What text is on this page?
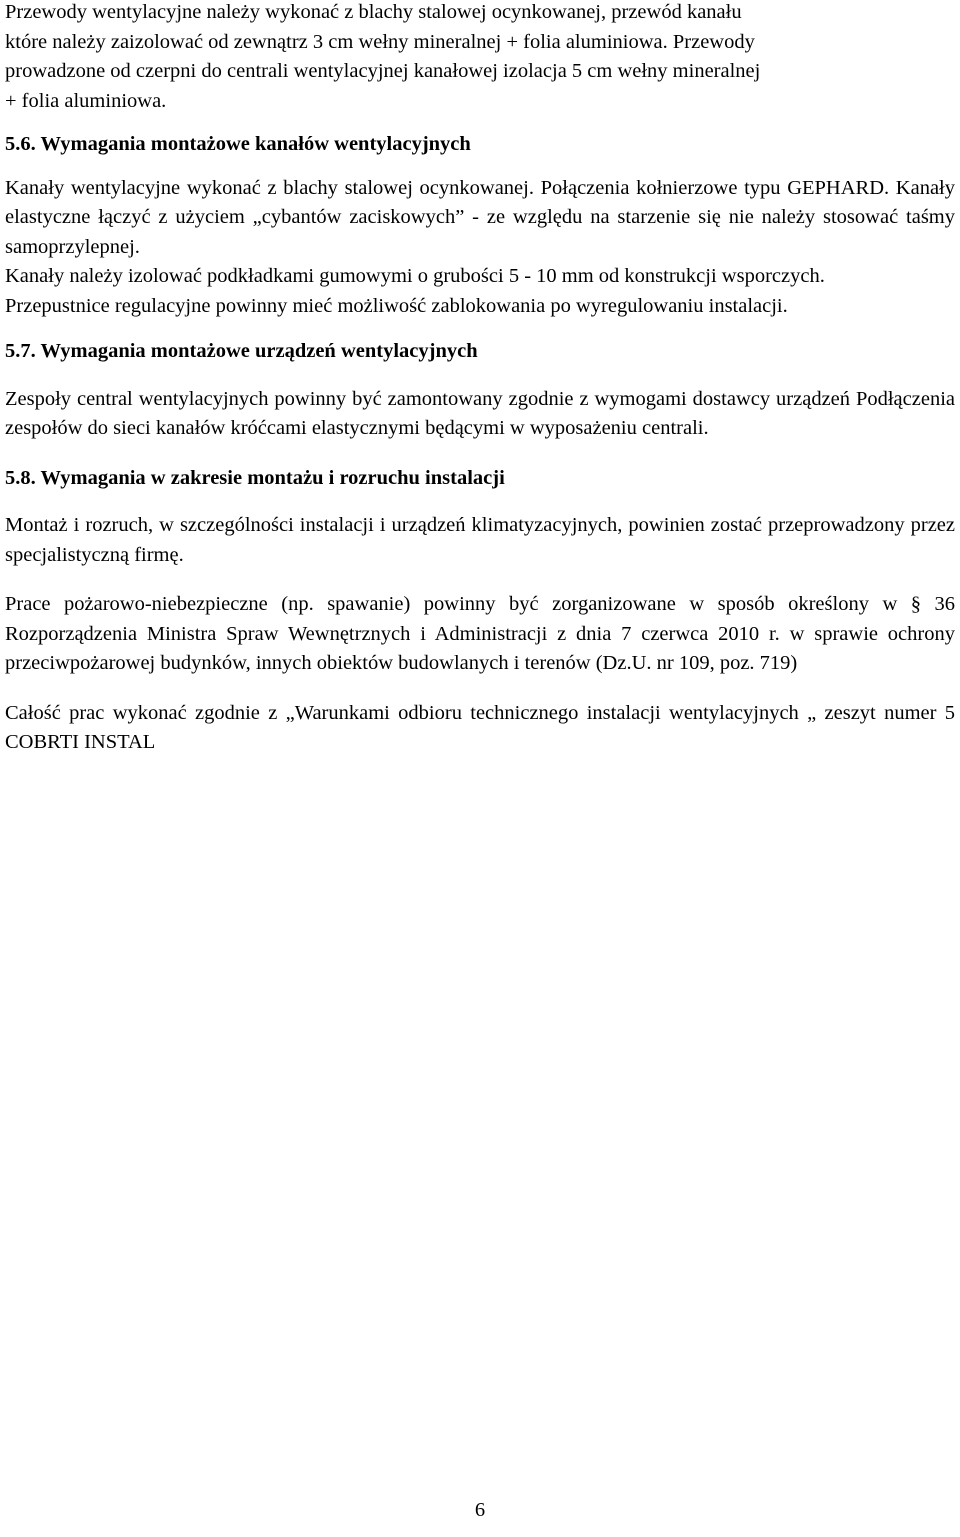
Przewody wentylacyjne należy wykonać z blachy stalowej ocynkowanej, przewód kanału

które należy zaizolować od zewnątrz 3 cm wełny mineralnej + folia aluminiowa. Przewody

prowadzone od czerpni do centrali wentylacyjnej kanałowej izolacja 5 cm wełny mineralnej

+ folia aluminiowa.

5.6. Wymagania montażowe kanałów wentylacyjnych

Kanały wentylacyjne wykonać z blachy stalowej ocynkowanej. Połączenia kołnierzowe typu GEPHARD. Kanały elastyczne łączyć z użyciem „cybantów zaciskowych” - ze względu na starzenie się nie należy stosować taśmy samoprzylepnej.

Kanały należy izolować podkładkami gumowymi o grubości 5 - 10 mm od konstrukcji wsporczych.

Przepustnice regulacyjne powinny mieć możliwość zablokowania po wyregulowaniu instalacji.

5.7. Wymagania montażowe urządzeń wentylacyjnych

Zespoły central wentylacyjnych powinny być zamontowany zgodnie z wymogami dostawcy urządzeń Podłączenia zespołów do sieci kanałów króćcami elastycznymi będącymi w wyposażeniu centrali.

5.8. Wymagania w zakresie montażu i rozruchu instalacji

Montaż i rozruch, w szczególności instalacji i urządzeń klimatyzacyjnych, powinien zostać przeprowadzony przez specjalistyczną firmę.

Prace pożarowo-niebezpieczne (np. spawanie) powinny być zorganizowane w sposób określony w § 36 Rozporządzenia Ministra Spraw Wewnętrznych i Administracji z dnia 7 czerwca 2010 r. w sprawie ochrony przeciwpożarowej budynków, innych obiektów budowlanych i terenów (Dz.U. nr 109, poz. 719)

Całość prac wykonać zgodnie z „Warunkami odbioru technicznego instalacji wentylacyjnych „ zeszyt numer 5 COBRTI INSTAL

6
